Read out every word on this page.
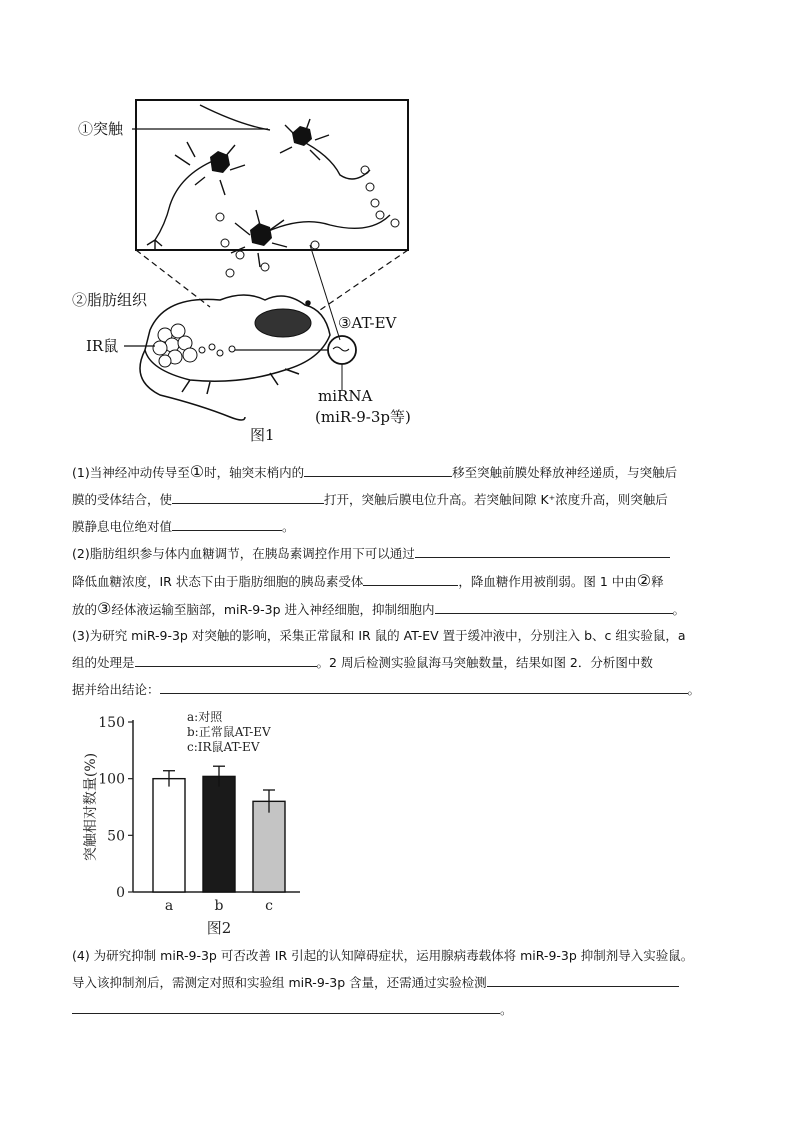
①突触
②脂肪组织
IR鼠
③AT-EV
miRNA
(miR-9-3p等)
图1
(1)当神经冲动传导至①时，轴突末梢内的	移至突触前膜处释放神经递质，与突触后
膜的受体结合，使	打开，突触后膜电位升高。若突触间隙 K⁺浓度升高，则突触后
膜静息电位绝对值	。
(2)脂肪组织参与体内血糖调节，在胰岛素调控作用下可以通过
降低血糖浓度，IR 状态下由于脂肪细胞的胰岛素受体	，降血糖作用被削弱。图 1 中由②释
放的③经体液运输至脑部，miR-9-3p 进入神经细胞，抑制细胞内	。
(3)为研究 miR-9-3p 对突触的影响，采集正常鼠和 IR 鼠的 AT-EV 置于缓冲液中，分别注入 b、c 组实验鼠，a
组的处理是	。2 周后检测实验鼠海马突触数量，结果如图 2．分析图中数
据并给出结论：	。
0
50
100
150
a	b	c
突触相对数量(%)
a:对照
b:正常鼠AT-EV
c:IR鼠AT-EV
图2
(4) 为研究抑制 miR-9-3p 可否改善 IR 引起的认知障碍症状，运用腺病毒载体将 miR-9-3p 抑制剂导入实验鼠。
导入该抑制剂后，需测定对照和实验组 miR-9-3p 含量，还需通过实验检测
。
